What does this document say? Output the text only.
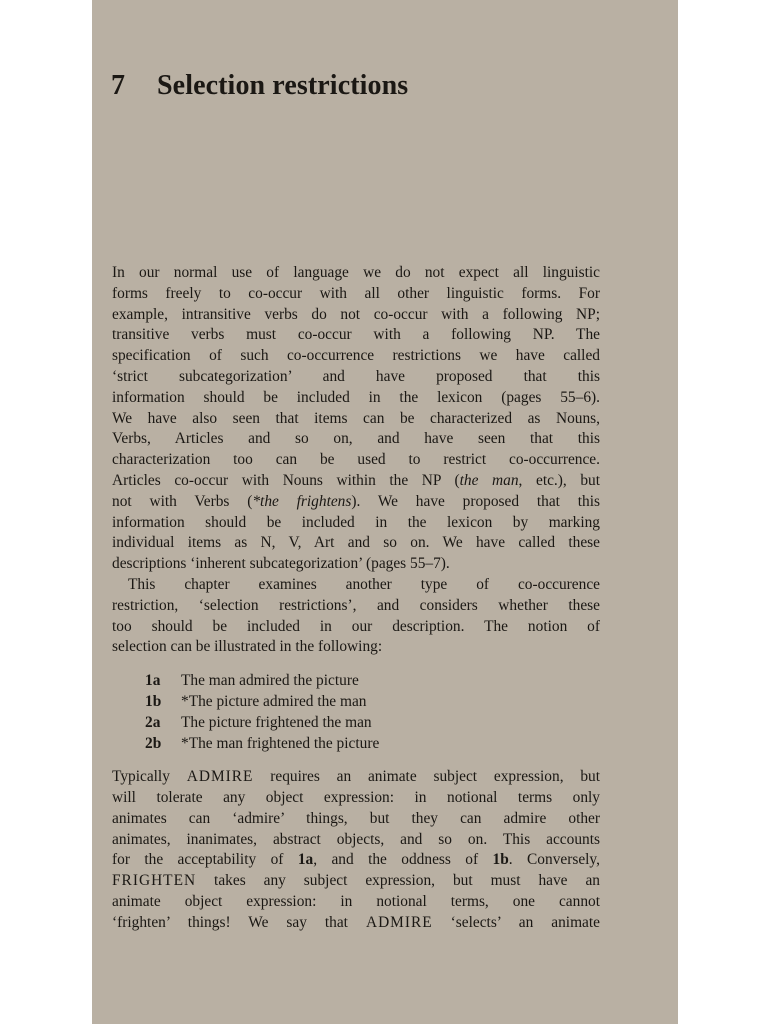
7 Selection restrictions
In our normal use of language we do not expect all linguistic
forms freely to co-occur with all other linguistic forms. For
example, intransitive verbs do not co-occur with a following NP;
transitive verbs must co-occur with a following NP. The
specification of such co-occurrence restrictions we have called
‘strict subcategorization’ and have proposed that this
information should be included in the lexicon (pages 55–6).
We have also seen that items can be characterized as Nouns,
Verbs, Articles and so on, and have seen that this
characterization too can be used to restrict co-occurrence.
Articles co-occur with Nouns within the NP (the man, etc.), but
not with Verbs (*the frightens). We have proposed that this
information should be included in the lexicon by marking
individual items as N, V, Art and so on. We have called these
descriptions ‘inherent subcategorization’ (pages 55–7).
This chapter examines another type of co-occurence
restriction, ‘selection restrictions’, and considers whether these
too should be included in our description. The notion of
selection can be illustrated in the following:
1a	The man admired the picture
1b	*The picture admired the man
2a	The picture frightened the man
2b	*The man frightened the picture
Typically ADMIRE requires an animate subject expression, but
will tolerate any object expression: in notional terms only
animates can ‘admire’ things, but they can admire other
animates, inanimates, abstract objects, and so on. This accounts
for the acceptability of 1a, and the oddness of 1b. Conversely,
FRIGHTEN takes any subject expression, but must have an
animate object expression: in notional terms, one cannot
‘frighten’ things! We say that ADMIRE ‘selects’ an animate
